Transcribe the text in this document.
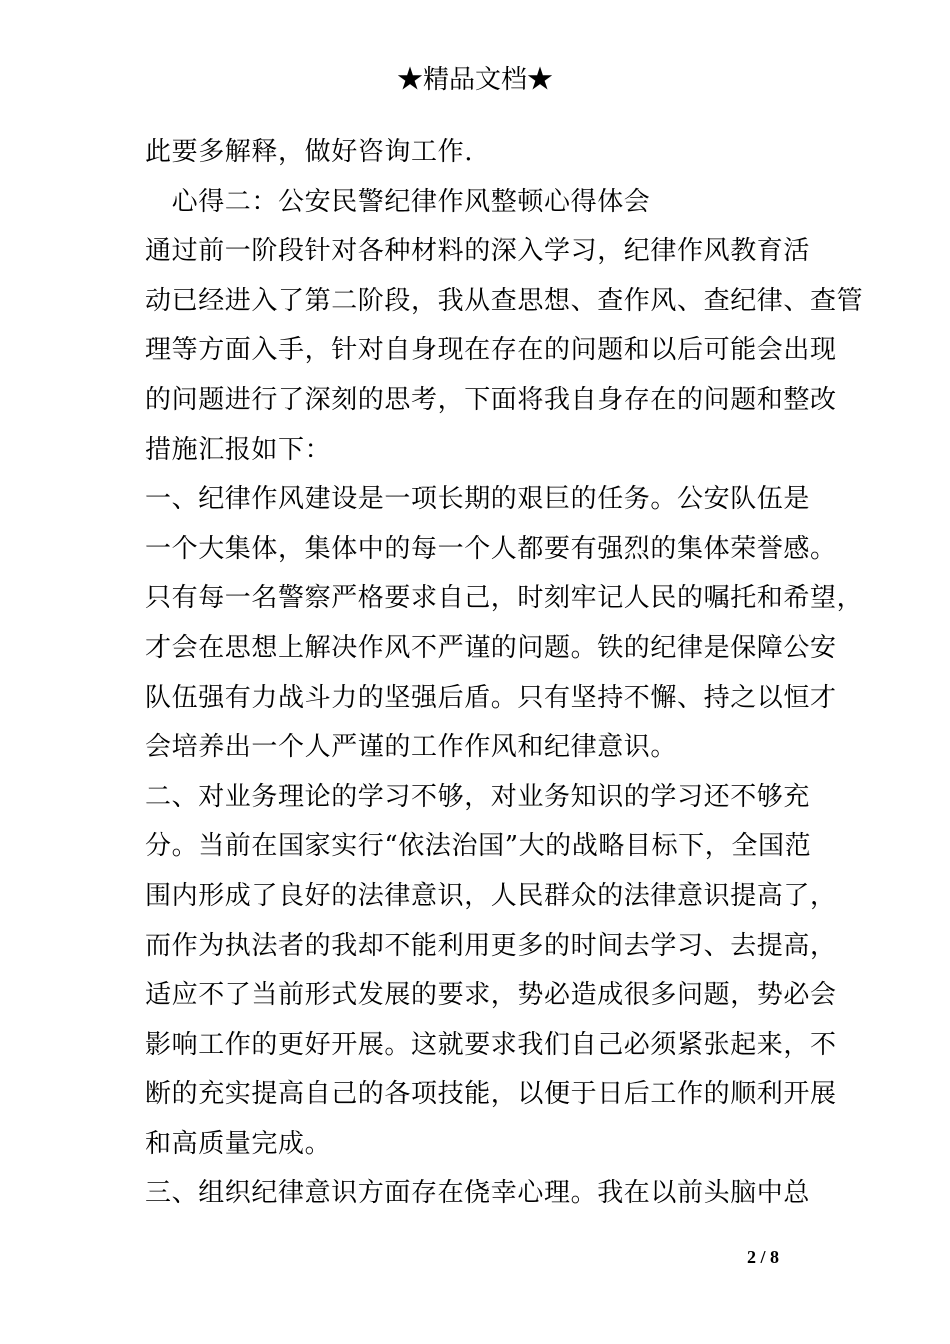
★精品文档★
此要多解释，做好咨询工作.
　心得二：公安民警纪律作风整顿心得体会
通过前一阶段针对各种材料的深入学习，纪律作风教育活
动已经进入了第二阶段，我从查思想、查作风、查纪律、查管
理等方面入手，针对自身现在存在的问题和以后可能会出现
的问题进行了深刻的思考，下面将我自身存在的问题和整改
措施汇报如下：
一、纪律作风建设是一项长期的艰巨的任务。公安队伍是
一个大集体，集体中的每一个人都要有强烈的集体荣誉感。
只有每一名警察严格要求自己，时刻牢记人民的嘱托和希望，
才会在思想上解决作风不严谨的问题。铁的纪律是保障公安
队伍强有力战斗力的坚强后盾。只有坚持不懈、持之以恒才
会培养出一个人严谨的工作作风和纪律意识。
二、对业务理论的学习不够，对业务知识的学习还不够充
分。当前在国家实行“依法治国”大的战略目标下，全国范
围内形成了良好的法律意识，人民群众的法律意识提高了，
而作为执法者的我却不能利用更多的时间去学习、去提高，
适应不了当前形式发展的要求，势必造成很多问题，势必会
影响工作的更好开展。这就要求我们自己必须紧张起来，不
断的充实提高自己的各项技能，以便于日后工作的顺利开展
和高质量完成。
三、组织纪律意识方面存在侥幸心理。我在以前头脑中总
2 / 8
